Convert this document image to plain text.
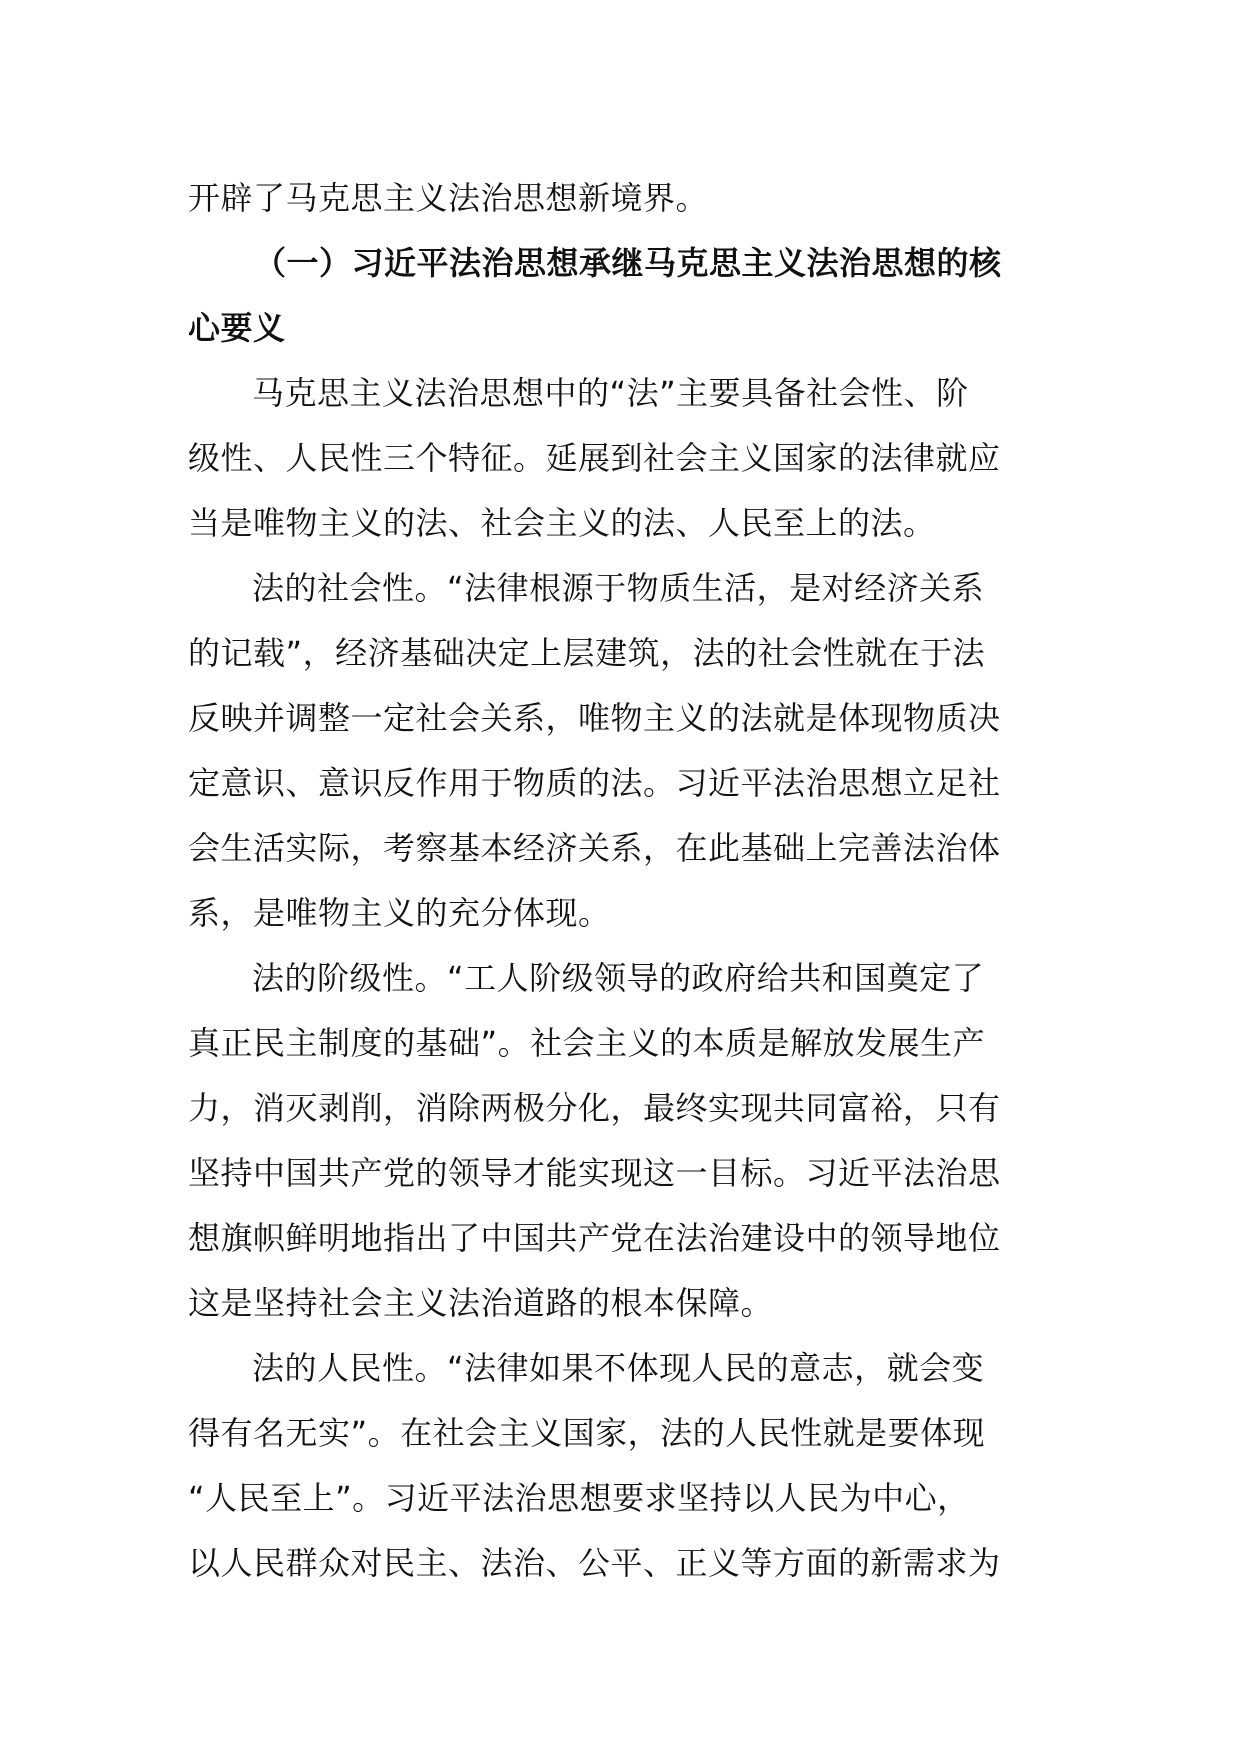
开辟了马克思主义法治思想新境界。
（一）习近平法治思想承继马克思主义法治思想的核
心要义
马克思主义法治思想中的“法”主要具备社会性、阶
级性、人民性三个特征。延展到社会主义国家的法律就应
当是唯物主义的法、社会主义的法、人民至上的法。
法的社会性。“法律根源于物质生活，是对经济关系
的记载”，经济基础决定上层建筑，法的社会性就在于法
反映并调整一定社会关系，唯物主义的法就是体现物质决
定意识、意识反作用于物质的法。习近平法治思想立足社
会生活实际，考察基本经济关系，在此基础上完善法治体
系，是唯物主义的充分体现。
法的阶级性。“工人阶级领导的政府给共和国奠定了
真正民主制度的基础”。社会主义的本质是解放发展生产
力，消灭剥削，消除两极分化，最终实现共同富裕，只有
坚持中国共产党的领导才能实现这一目标。习近平法治思
想旗帜鲜明地指出了中国共产党在法治建设中的领导地位
这是坚持社会主义法治道路的根本保障。
法的人民性。“法律如果不体现人民的意志，就会变
得有名无实”。在社会主义国家，法的人民性就是要体现
“人民至上”。习近平法治思想要求坚持以人民为中心，
以人民群众对民主、法治、公平、正义等方面的新需求为
